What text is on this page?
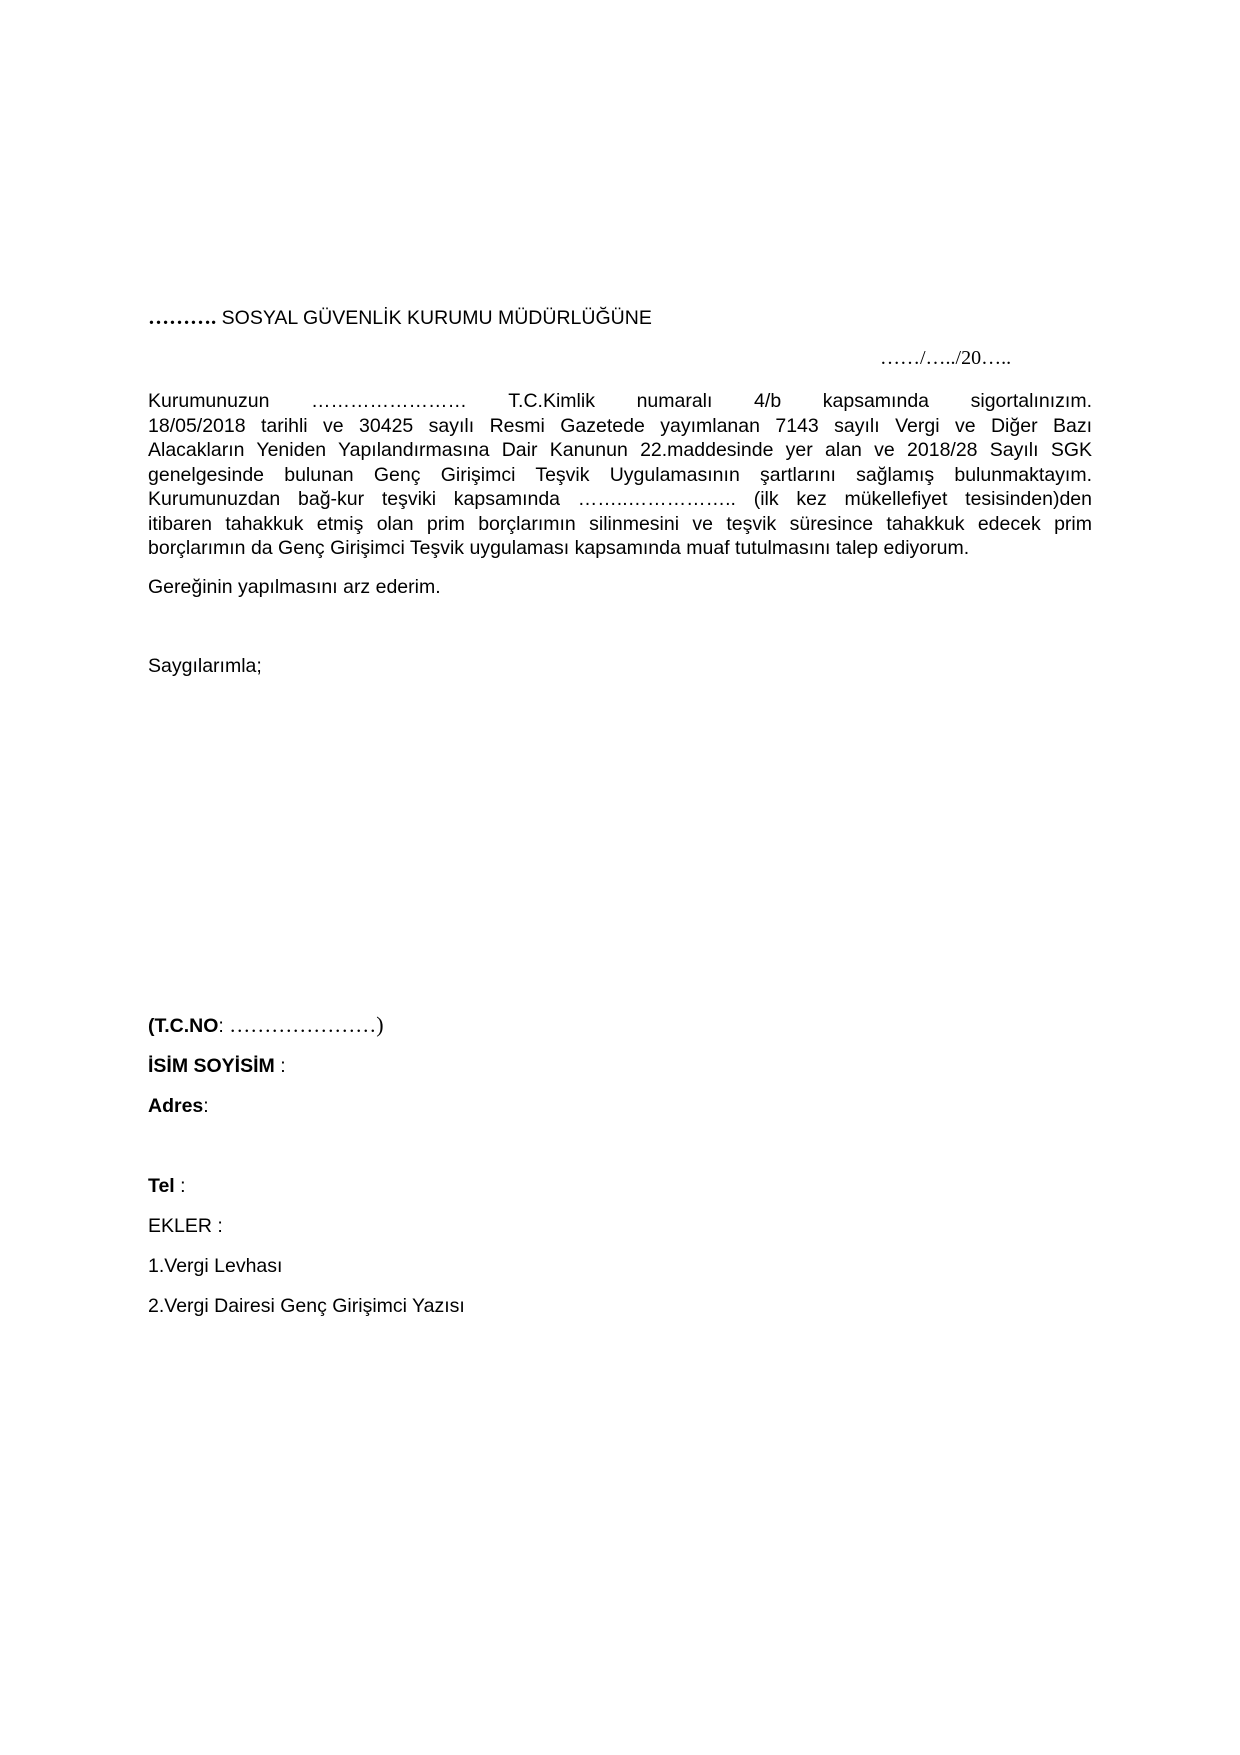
………. SOSYAL GÜVENLİK KURUMU MÜDÜRLÜĞÜNE
……/…../20…..
Kurumunuzun …………………… T.C.Kimlik numaralı 4/b kapsamında sigortalınızım.
18/05/2018 tarihli ve 30425 sayılı Resmi Gazetede yayımlanan 7143 sayılı Vergi ve Diğer Bazı
Alacakların Yeniden Yapılandırmasına Dair Kanunun 22.maddesinde yer alan ve 2018/28 Sayılı SGK
genelgesinde bulunan Genç Girişimci Teşvik Uygulamasının şartlarını sağlamış bulunmaktayım.
Kurumunuzdan bağ-kur teşviki kapsamında ……..…………….. (ilk kez mükellefiyet tesisinden)den
itibaren tahakkuk etmiş olan prim borçlarımın silinmesini ve teşvik süresince tahakkuk edecek prim
borçlarımın da Genç Girişimci Teşvik uygulaması kapsamında muaf tutulmasını talep ediyorum.
Gereğinin yapılmasını arz ederim.
Saygılarımla;
(T.C.NO: …………………)
İSİM SOYİSİM :
Adres:
Tel :
EKLER :
1.Vergi Levhası
2.Vergi Dairesi Genç Girişimci Yazısı
